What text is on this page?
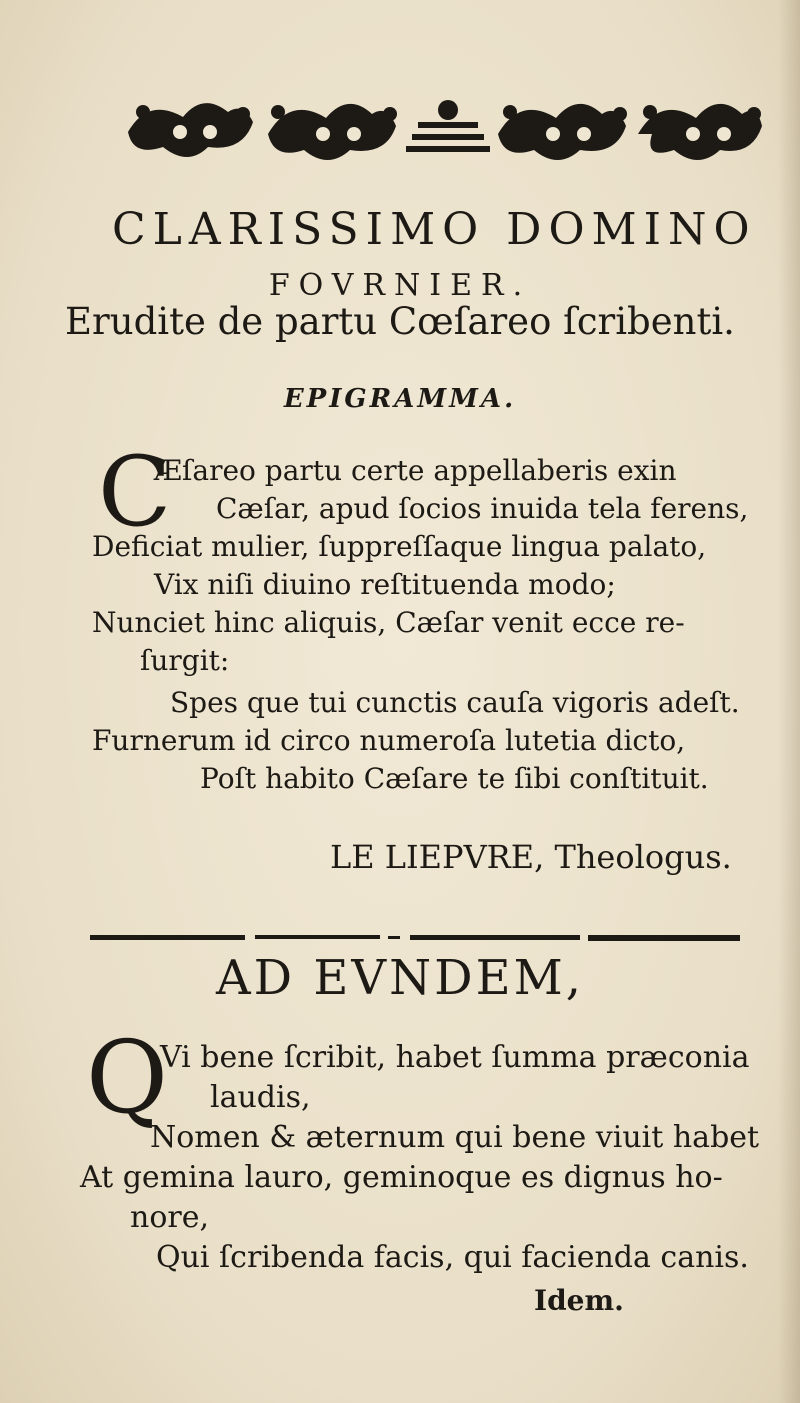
CLARISSIMO DOMINO
FOVRNIER.
Erudite de partu Cœſareo ſcribenti.
EPIGRAMMA.
C
Æſareo partu certe appellaberis exin
Cæſar, apud ſocios inuida tela ferens,
Deficiat mulier, ſuppreſſaque lingua palato,
Vix niſi diuino reſtituenda modo;
Nunciet hinc aliquis, Cæſar venit ecce re-
ſurgit:
Spes que tui cunctis cauſa vigoris adeſt.
Furnerum id circo numeroſa lutetia dicto,
Poſt habito Cæſare te ſibi conſtituit.
LE LIEPVRE, Theologus.
AD EVNDEM,
Q
Vi bene ſcribit, habet ſumma præconia
laudis,
Nomen & æternum qui bene viuit habet
At gemina lauro, geminoque es dignus ho-
nore,
Qui ſcribenda facis, qui facienda canis.
Idem.
